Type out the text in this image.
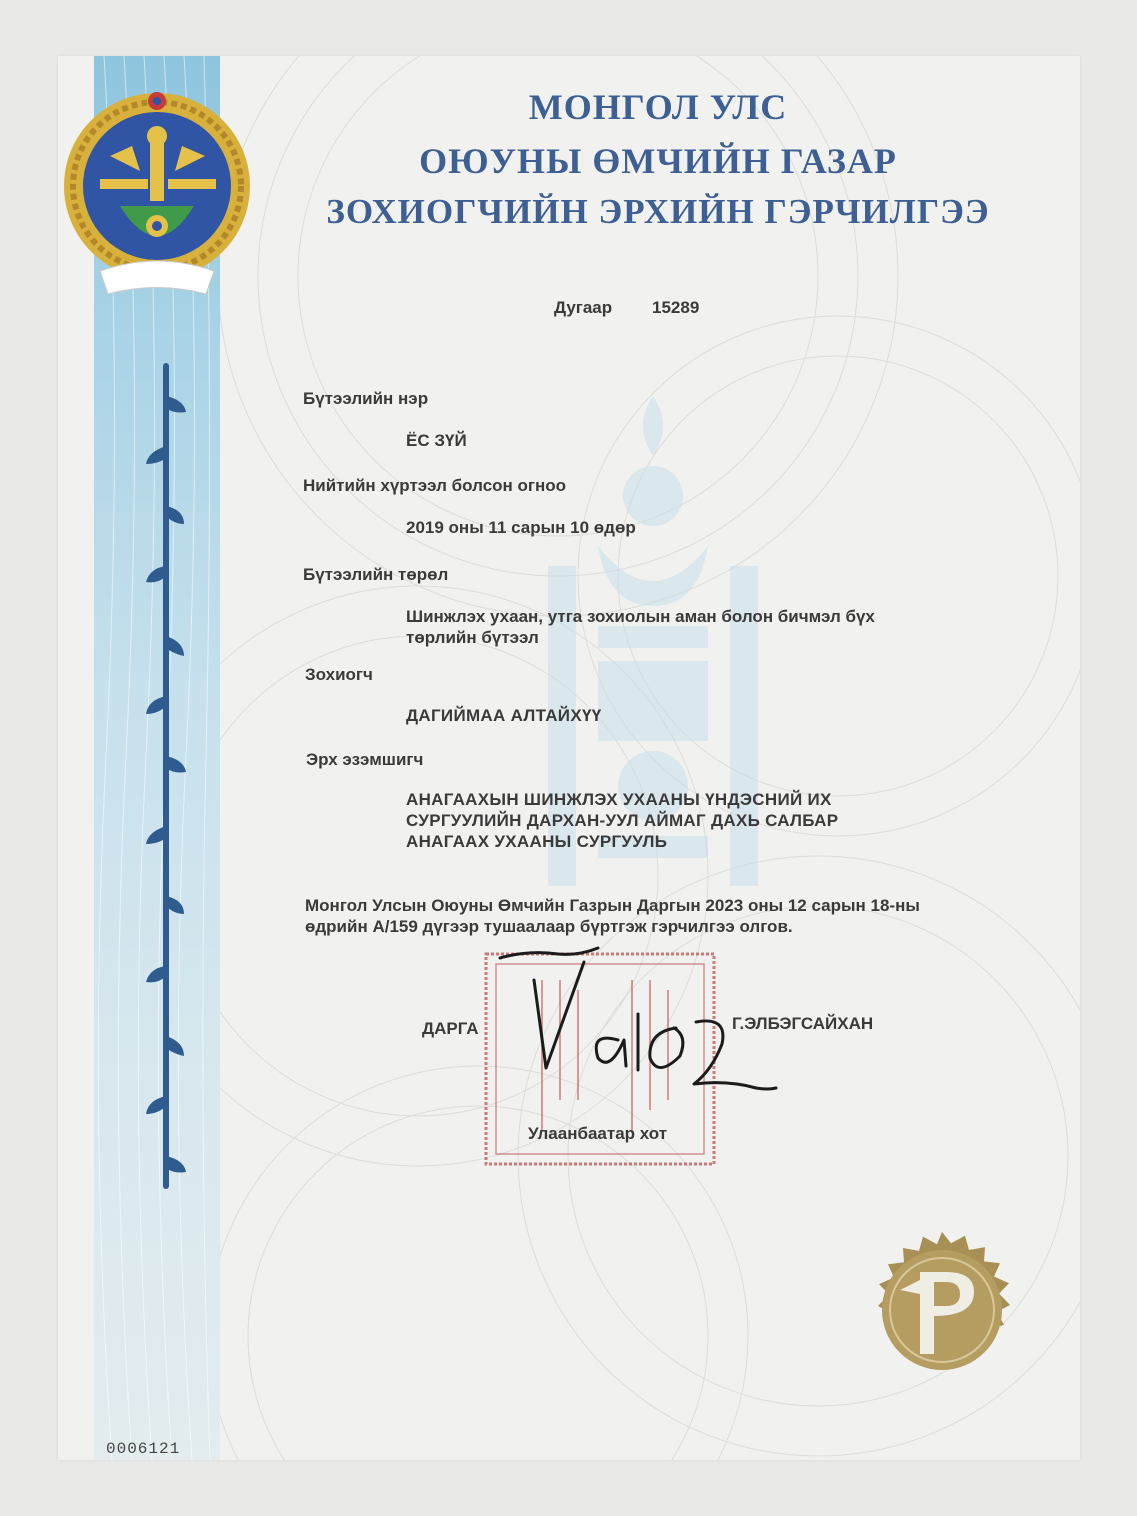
МОНГОЛ УЛС
ОЮУНЫ ӨМЧИЙН ГАЗАР
ЗОХИОГЧИЙН ЭРХИЙН ГЭРЧИЛГЭЭ
Дугаар 15289
Бүтээлийн нэр
ЁС ЗҮЙ
Нийтийн хүртээл болсон огноо
2019 оны 11 сарын 10 өдөр
Бүтээлийн төрөл
Шинжлэх ухаан, утга зохиолын аман болон бичмэл бүх
төрлийн бүтээл
Зохиогч
ДАГИЙМАА АЛТАЙХҮҮ
Эрх эзэмшигч
АНАГААХЫН ШИНЖЛЭХ УХААНЫ ҮНДЭСНИЙ ИХ
СУРГУУЛИЙН ДАРХАН-УУЛ АЙМАГ ДАХЬ САЛБАР
АНАГААХ УХААНЫ СУРГУУЛЬ
Монгол Улсын Оюуны Өмчийн Газрын Даргын 2023 оны 12 сарын 18-ны
өдрийн А/159 дүгээр тушаалаар бүртгэж гэрчилгээ олгов.
ДАРГА	Г.ЭЛБЭГСАЙХАН
Улаанбаатар хот
0006121
